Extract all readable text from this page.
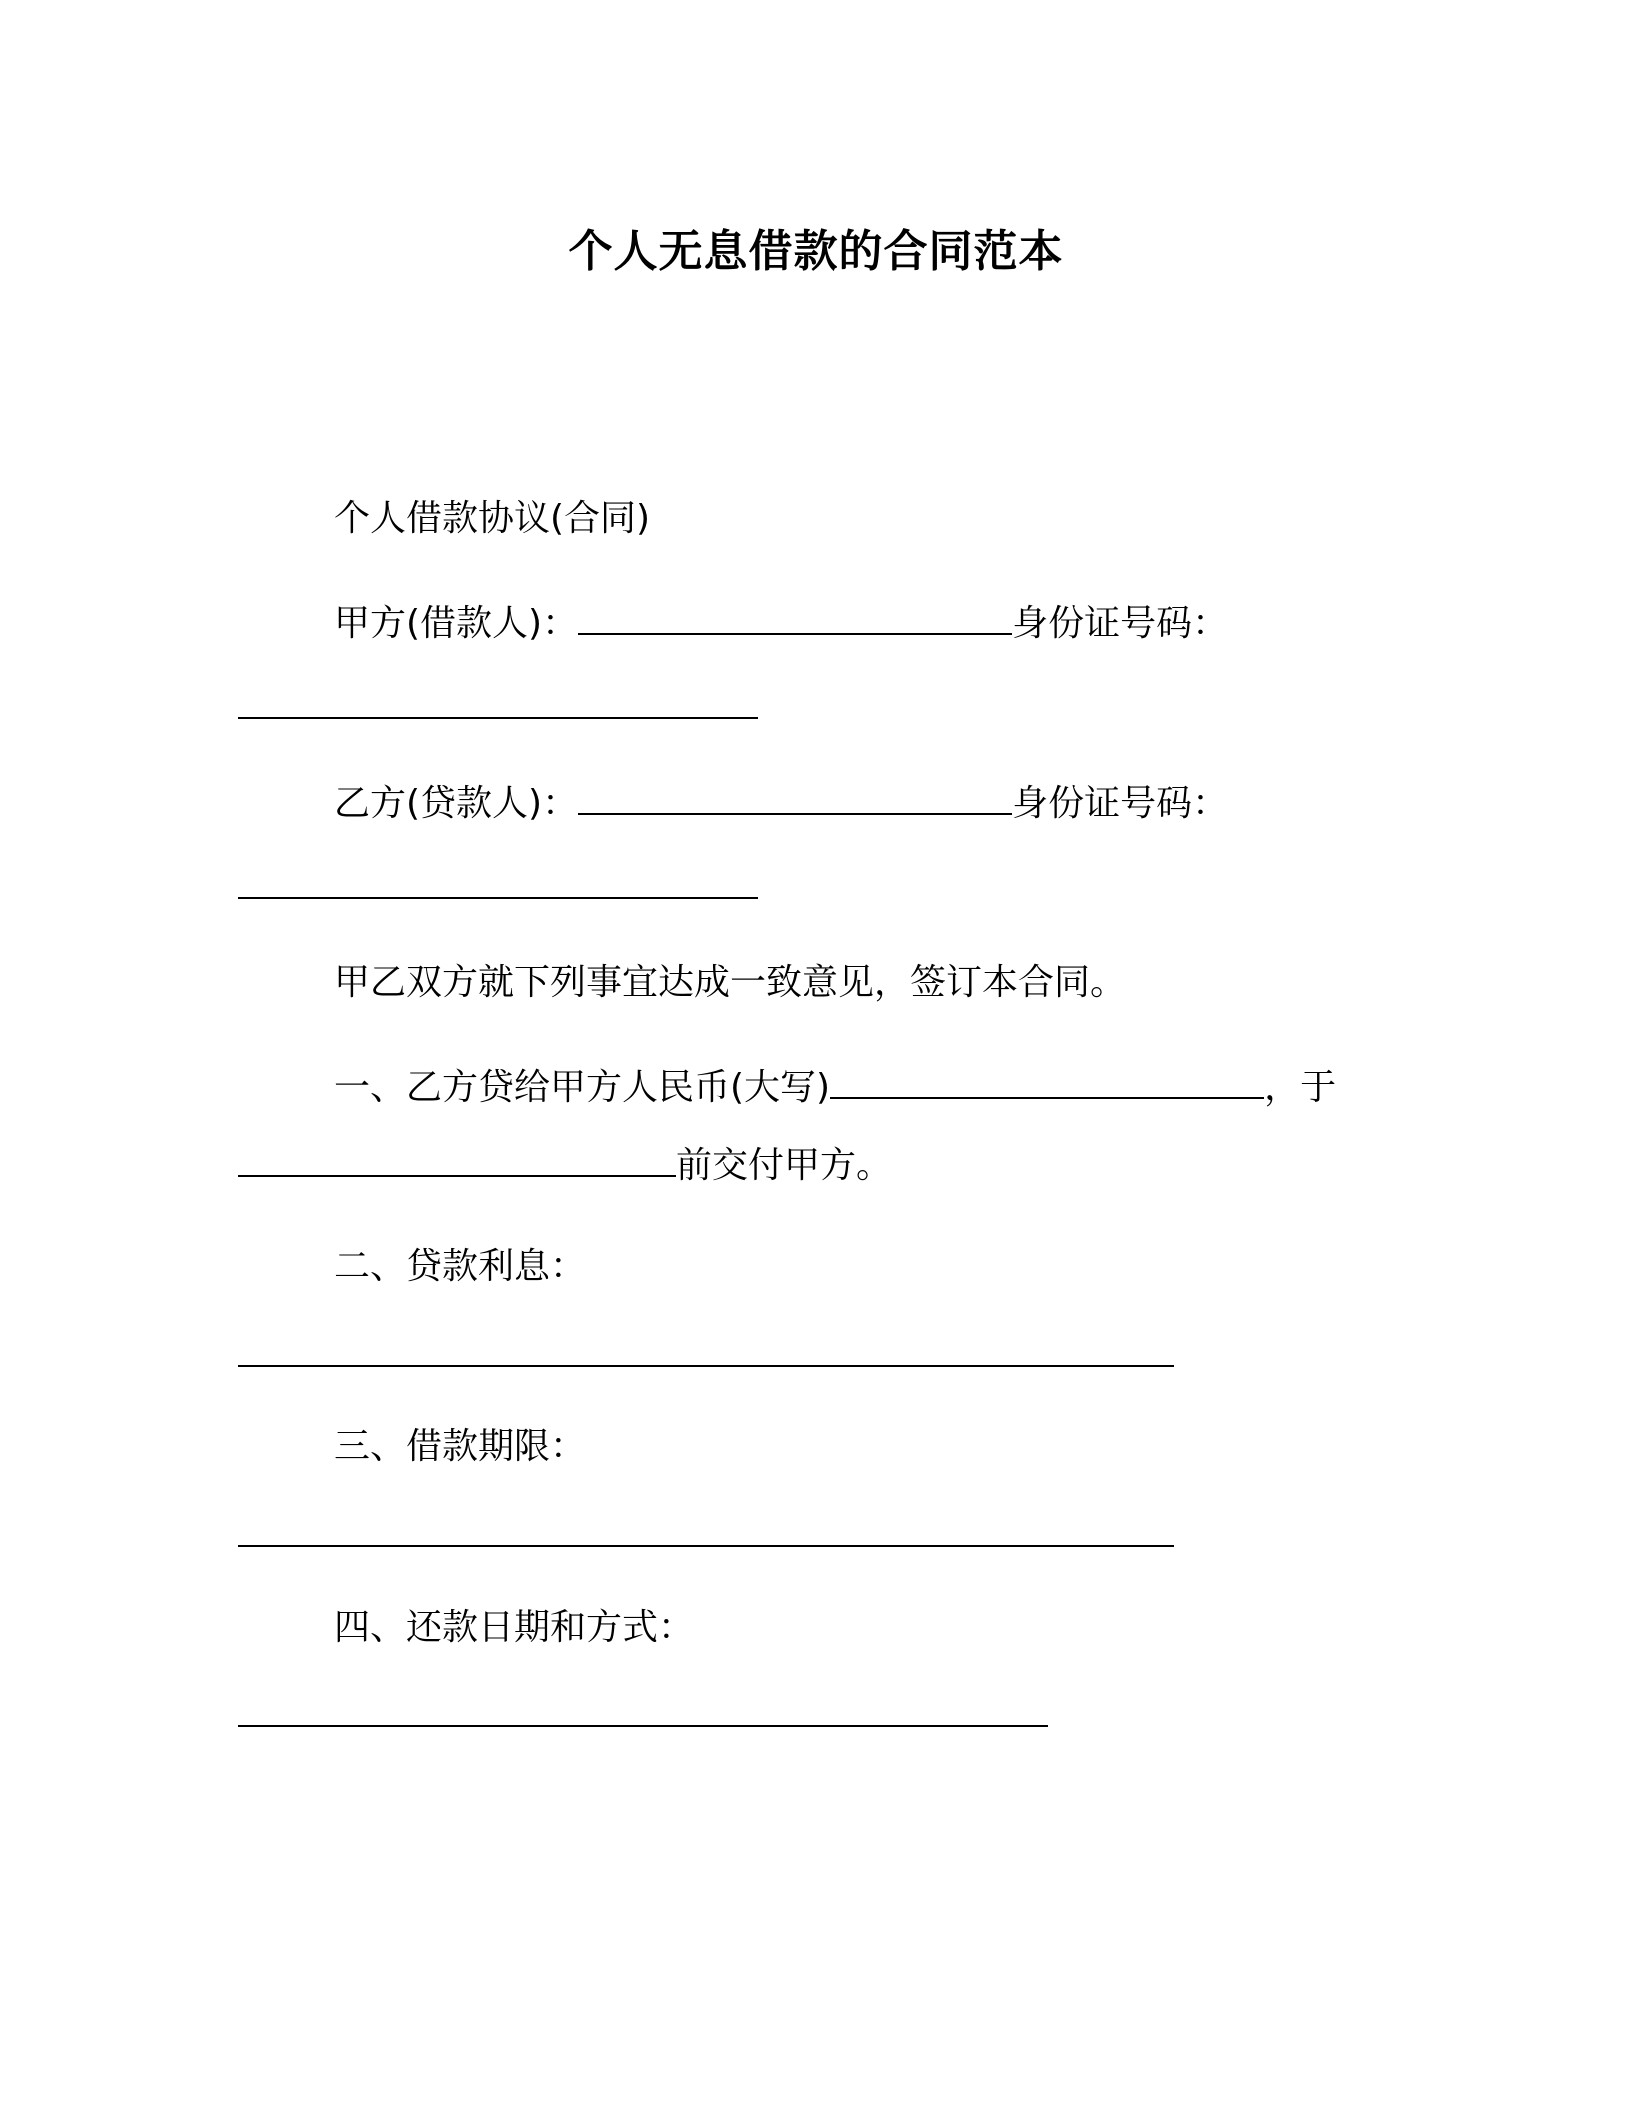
个人无息借款的合同范本
个人借款协议(合同)
甲方(借款人)：	身份证号码：
乙方(贷款人)：	身份证号码：
甲乙双方就下列事宜达成一致意见，签订本合同。
一、乙方贷给甲方人民币(大写)	，于
前交付甲方。
二、贷款利息：
三、借款期限：
四、还款日期和方式：
